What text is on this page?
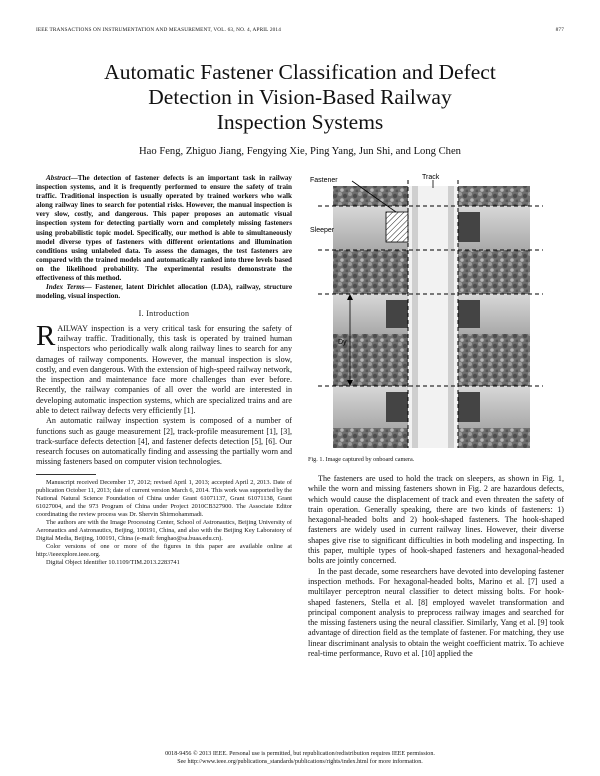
IEEE TRANSACTIONS ON INSTRUMENTATION AND MEASUREMENT, VOL. 63, NO. 4, APRIL 2014	877
Automatic Fastener Classification and Defect
Detection in Vision-Based Railway
Inspection Systems
Hao Feng, Zhiguo Jiang, Fengying Xie, Ping Yang, Jun Shi, and Long Chen

Abstract—The detection of fastener defects is an important task in railway inspection systems, and it is frequently performed to ensure the safety of train traffic. Traditional inspection is usually operated by trained workers who walk along railway lines to search for potential risks. However, the manual inspection is very slow, costly, and dangerous. This paper proposes an automatic visual inspection system for detecting partially worn and completely missing fasteners using probabilistic topic model. Specifically, our method is able to simultaneously model diverse types of fasteners with different orientations and illumination conditions using unlabeled data. To assess the damages, the test fasteners are compared with the trained models and automatically ranked into three levels based on the likelihood probability. The experimental results demonstrate the effectiveness of this method.

Index Terms— Fastener, latent Dirichlet allocation (LDA), railway, structure modeling, visual inspection.

I. Introduction

RAILWAY inspection is a very critical task for ensuring the safety of railway traffic. Traditionally, this task is operated by trained human inspectors who periodically walk along railway lines to search for any damages of railway components. However, the manual inspection is slow, costly, and even dangerous. With the extension of high-speed railway network, the inspection and maintenance face more challenges than ever before. Recently, the railway companies of all over the world are interested in developing automatic inspection systems, which are specialized trains and are able to detect railway defects very efficiently [1].

An automatic railway inspection system is composed of a number of functions such as gauge measurement [2], track-profile measurement [1], [3], track-surface defects detection [4], and fastener defects detection [5], [6]. Our research focuses on automatically finding and assessing the partially worn and missing fasteners based on computer vision technologies.

Manuscript received December 17, 2012; revised April 1, 2013; accepted April 2, 2013. Date of publication October 11, 2013; date of current version March 6, 2014. This work was supported by the National Natural Science Foundation of China under Grant 61071137, Grant 61071138, Grant 61027004, and the 973 Program of China under Project 2010CB327900. The Associate Editor coordinating the review process was Dr. Shervin Shirmohammadi.

The authors are with the Image Processing Center, School of Astronautics, Beijing University of Aeronautics and Astronautics, Beijing, 100191, China, and also with the Beijing Key Laboratory of Digital Media, Beijing, 100191, China (e-mail: fenghao@sa.buaa.edu.cn).

Color versions of one or more of the figures in this paper are available online at http://ieeexplore.ieee.org.

Digital Object Identifier 10.1109/TIM.2013.2283741

Fastener	Track
Sleeper
Dy
Fig. 1. Image captured by onboard camera.

The fasteners are used to hold the track on sleepers, as shown in Fig. 1, while the worn and missing fasteners shown in Fig. 2 are hazardous defects, which would cause the displacement of track and even threaten the safety of train operation. Generally speaking, there are two kinds of fasteners: 1) hexagonal-headed bolts and 2) hook-shaped fasteners. The hook-shaped fasteners are widely used in current railway lines. However, their diverse shapes give rise to significant difficulties in both modeling and inspecting. In this paper, multiple types of hook-shaped fasteners and hexagonal-headed bolts are jointly concerned.

In the past decade, some researchers have devoted into developing fastener inspection methods. For hexagonal-headed bolts, Marino et al. [7] used a multilayer perceptron neural classifier to detect missing bolts. For hook-shaped fasteners, Stella et al. [8] employed wavelet transformation and principal component analysis to preprocess railway images and searched for the missing fasteners using the neural classifier. Similarly, Yang et al. [9] took advantage of direction field as the template of fastener. For matching, they use linear discriminant analysis to obtain the weight coefficient matrix. To achieve real-time performance, Ruvo et al. [10] applied the

0018-9456 © 2013 IEEE. Personal use is permitted, but republication/redistribution requires IEEE permission.
See http://www.ieee.org/publications_standards/publications/rights/index.html for more information.
